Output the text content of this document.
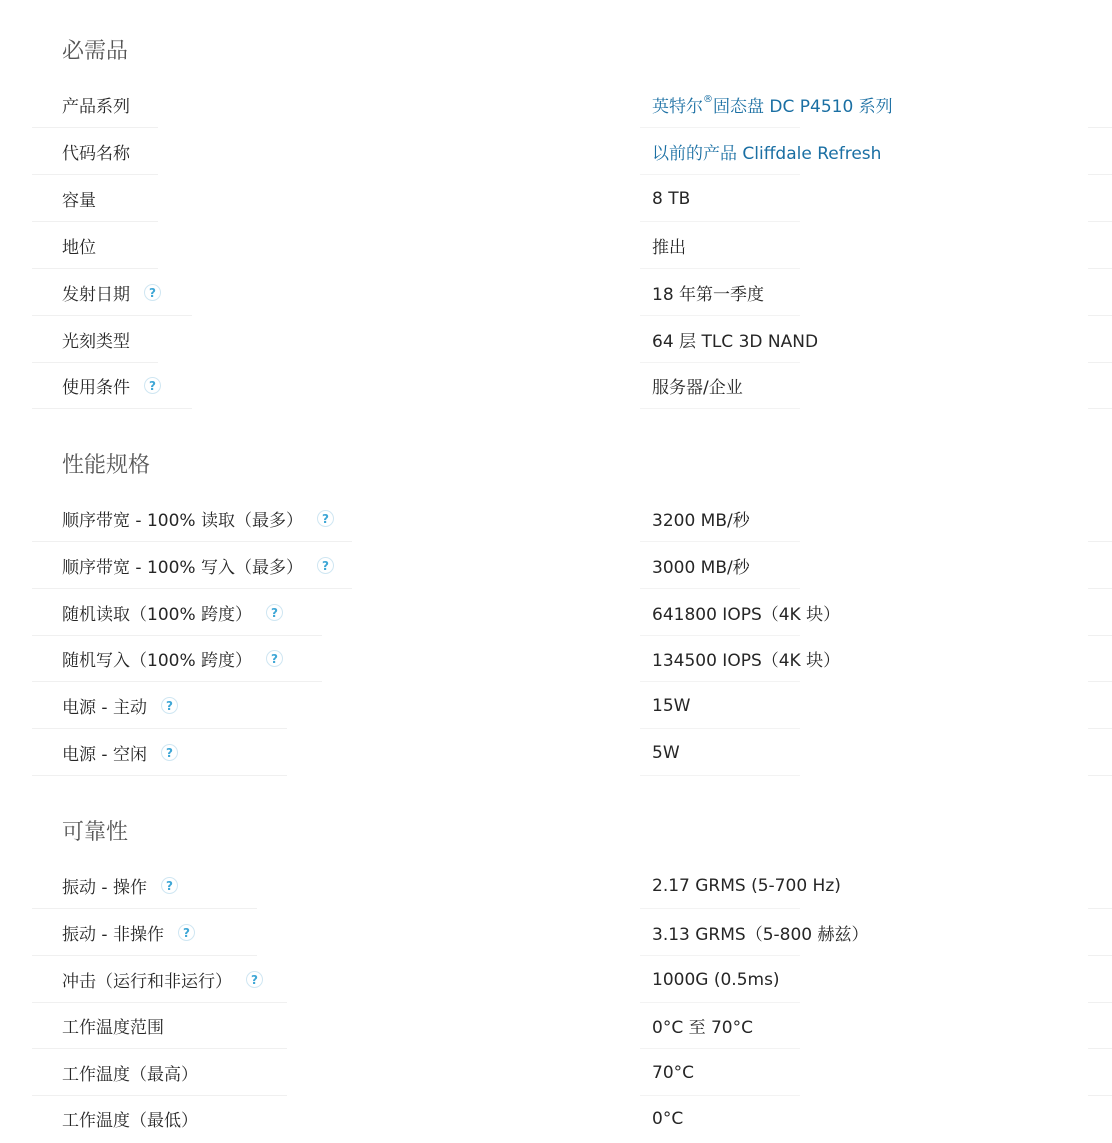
必需品
产品系列	英特尔® 固态盘 DC P4510 系列
代码名称	以前的产品 Cliffdale Refresh
容量	8 TB
地位	推出
发射日期	?	18 年第一季度
光刻类型	64 层 TLC 3D NAND
使用条件	?	服务器/企业
性能规格
顺序带宽 - 100% 读取（最多）	?	3200 MB/秒
顺序带宽 - 100% 写入（最多）	?	3000 MB/秒
随机读取（100% 跨度）	?	641800 IOPS（4K 块）
随机写入（100% 跨度）	?	134500 IOPS（4K 块）
电源 - 主动	?	15W
电源 - 空闲	?	5W
可靠性
振动 - 操作	?	2.17 GRMS (5-700 Hz)
振动 - 非操作	?	3.13 GRMS（5-800 赫兹）
冲击（运行和非运行）	?	1000G (0.5ms)
工作温度范围	0°C 至 70°C
工作温度（最高）	70°C
工作温度（最低）	0°C
